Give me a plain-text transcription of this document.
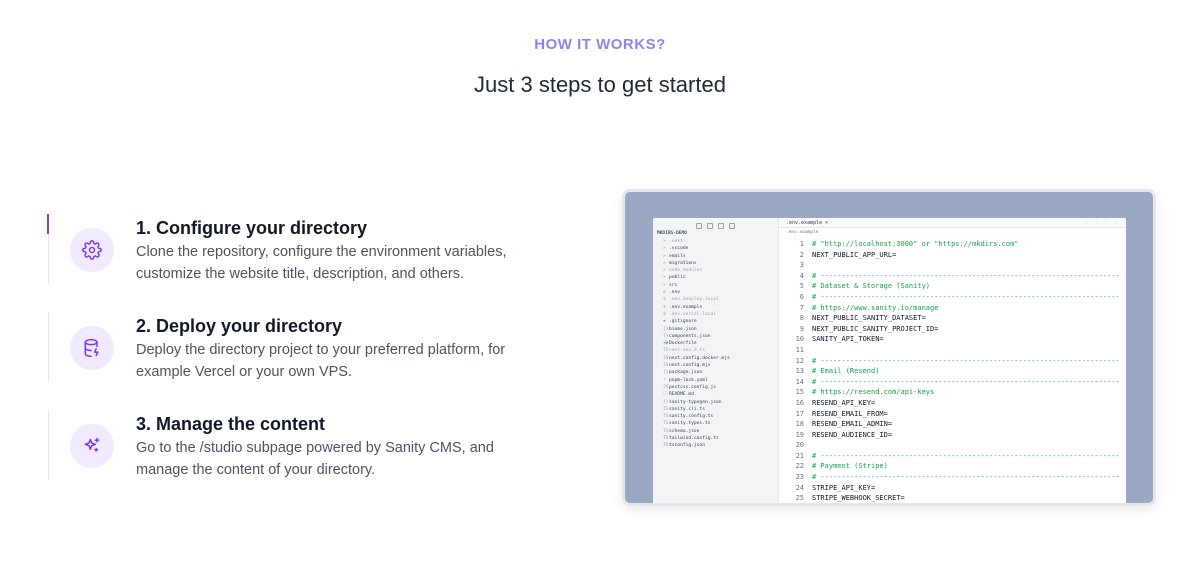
HOW IT WORKS?
Just 3 steps to get started
1. Configure your directory
Clone the repository, configure the environment variables, customize the website title, description, and others.
2. Deploy your directory
Deploy the directory project to your preferred platform, for example Vercel or your own VPS.
3. Manage the content
Go to the /studio subpage powered by Sanity CMS, and manage the content of your directory.
MKDIRS-DEMO
> .next
> .vscode
> emails
> migrations
> node_modules
> public
> src
⚙ .env
$ .env.dokploy.local
$ .env.example
$ .env.vercel.local
◆ .gitignore
{}biome.json
{}components.json
🐳Dockerfile
TSnext-env.d.ts
JSnext.config.docker.mjs
JSnext.config.mjs
{}package.json
! pnpm-lock.yaml
JSpostcss.config.js
ⓘREADME.md
{}sanity-typegen.json
TSsanity.cli.ts
TSsanity.config.ts
TSsanity.types.ts
TSschema.json
TStailwind.config.ts
TStsconfig.json
.env.example ×	◦ ◦ ◦ ◦
.env.example
1 # "http://localhost:3000" or "https://mkdirs.com"
2 NEXT_PUBLIC_APP_URL=
3
4 # -----------------------------------------------------------------------
5 # Dataset & Storage (Sanity)
6 # -----------------------------------------------------------------------
7 # https://www.sanity.io/manage
8 NEXT_PUBLIC_SANITY_DATASET=
9 NEXT_PUBLIC_SANITY_PROJECT_ID=
10 SANITY_API_TOKEN=
11
12 # -----------------------------------------------------------------------
13 # Email (Resend)
14 # -----------------------------------------------------------------------
15 # https://resend.com/api-keys
16 RESEND_API_KEY=
17 RESEND_EMAIL_FROM=
18 RESEND_EMAIL_ADMIN=
19 RESEND_AUDIENCE_ID=
20
21 # -----------------------------------------------------------------------
22 # Payment (Stripe)
23 # -----------------------------------------------------------------------
24 STRIPE_API_KEY=
25 STRIPE_WEBHOOK_SECRET=
